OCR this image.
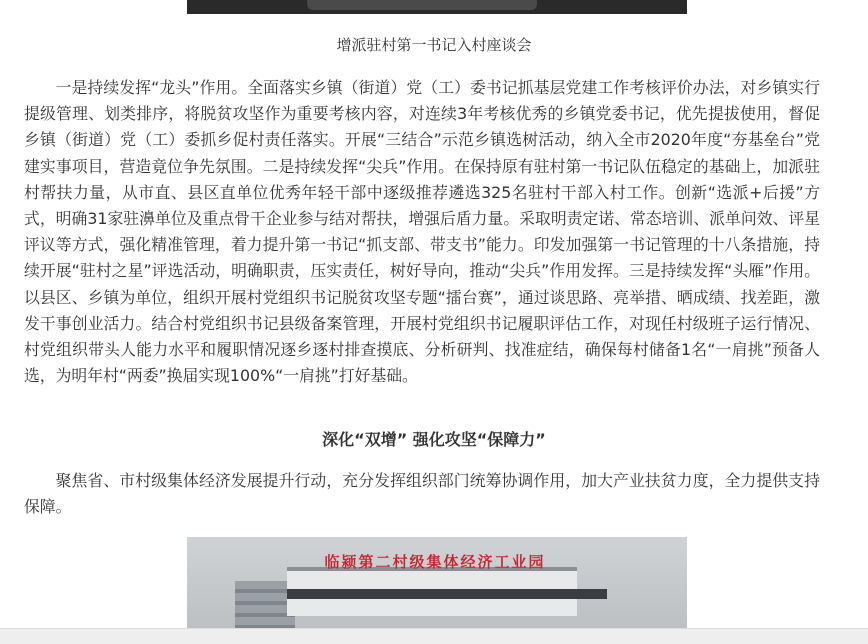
增派驻村第一书记入村座谈会

一是持续发挥“龙头”作用。全面落实乡镇（街道）党（工）委书记抓基层党建工作考核评价办法，对乡镇实行提级管理、划类排序，将脱贫攻坚作为重要考核内容，对连续3年考核优秀的乡镇党委书记，优先提拔使用，督促乡镇（街道）党（工）委抓乡促村责任落实。开展“三结合”示范乡镇选树活动，纳入全市2020年度“夯基垒台”党建实事项目，营造竟位争先氛围。二是持续发挥“尖兵”作用。在保持原有驻村第一书记队伍稳定的基础上，加派驻村帮扶力量，从市直、县区直单位优秀年轻干部中逐级推荐遴选325名驻村干部入村工作。创新“选派+后援”方式，明确31家驻濞单位及重点骨干企业参与结对帮扶，增强后盾力量。采取明责定诺、常态培训、派单问效、评星评议等方式，强化精准管理，着力提升第一书记“抓支部、带支书”能力。印发加强第一书记管理的十八条措施，持续开展“驻村之星”评选活动，明确职责，压实责任，树好导向，推动“尖兵”作用发挥。三是持续发挥“头雁”作用。以县区、乡镇为单位，组织开展村党组织书记脱贫攻坚专题“擂台赛”，通过谈思路、亮举措、晒成绩、找差距，激发干事创业活力。结合村党组织书记县级备案管理，开展村党组织书记履职评估工作，对现任村级班子运行情况、村党组织带头人能力水平和履职情况逐乡逐村排查摸底、分析研判、找准症结，确保每村储备1名“一肩挑”预备人选，为明年村“两委”换届实现100%“一肩挑”打好基础。

深化“双增” 强化攻坚“保障力”

聚焦省、市村级集体经济发展提升行动，充分发挥组织部门统筹协调作用，加大产业扶贫力度，全力提供支持保障。

临颍第二村级集体经济工业园
